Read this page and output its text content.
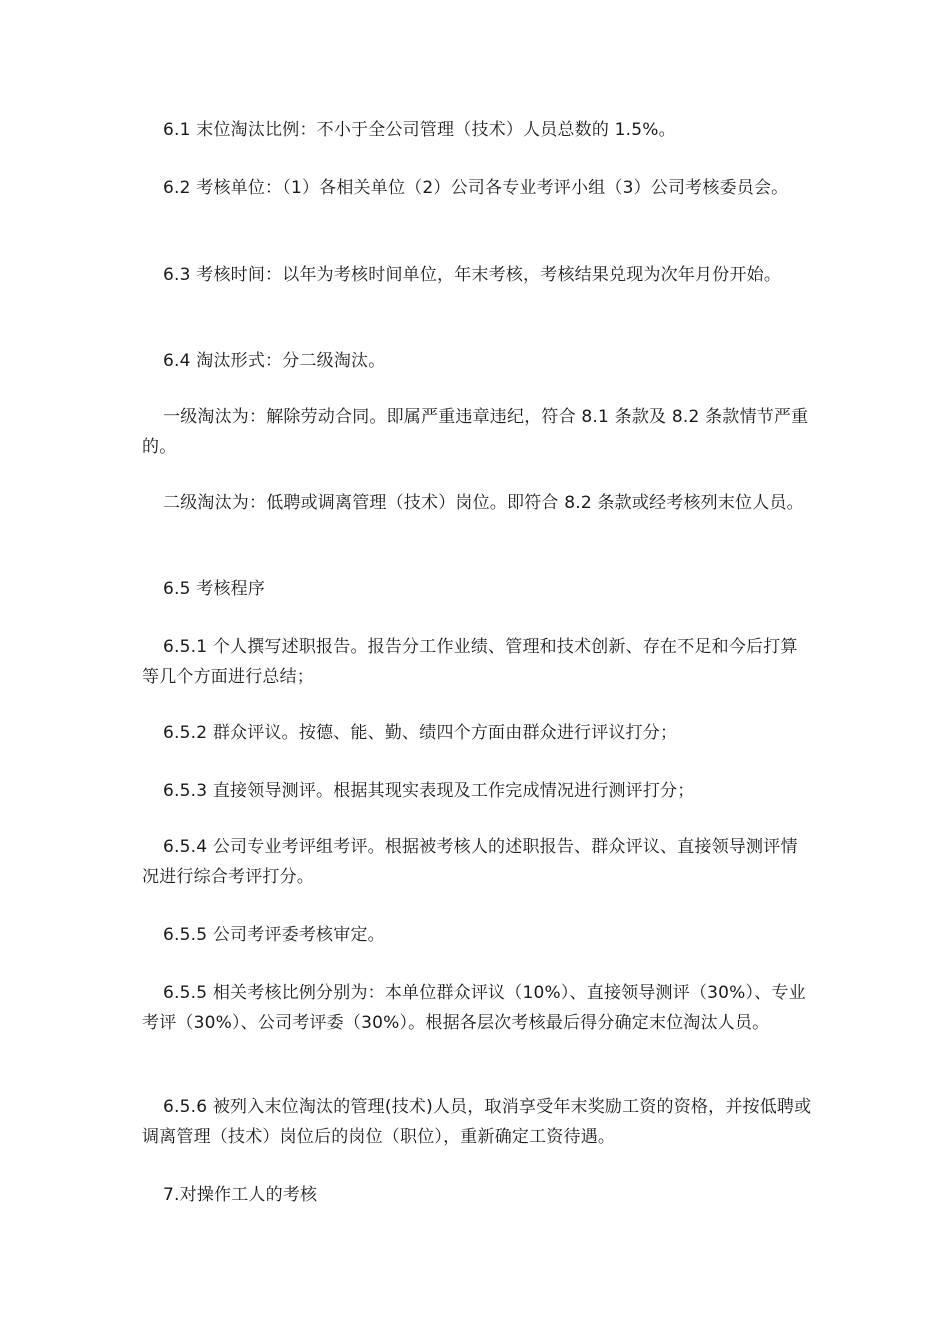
6.1 末位淘汰比例：不小于全公司管理（技术）人员总数的 1.5%。

6.2 考核单位：（1）各相关单位（2）公司各专业考评小组（3）公司考核委员会。

6.3 考核时间：以年为考核时间单位，年末考核，考核结果兑现为次年月份开始。

6.4 淘汰形式：分二级淘汰。

一级淘汰为：解除劳动合同。即属严重违章违纪，符合 8.1 条款及 8.2 条款情节严重的。

二级淘汰为：低聘或调离管理（技术）岗位。即符合 8.2 条款或经考核列末位人员。

6.5 考核程序

6.5.1 个人撰写述职报告。报告分工作业绩、管理和技术创新、存在不足和今后打算等几个方面进行总结；

6.5.2 群众评议。按德、能、勤、绩四个方面由群众进行评议打分；

6.5.3 直接领导测评。根据其现实表现及工作完成情况进行测评打分；

6.5.4 公司专业考评组考评。根据被考核人的述职报告、群众评议、直接领导测评情况进行综合考评打分。

6.5.5 公司考评委考核审定。

6.5.5 相关考核比例分别为：本单位群众评议（10%）、直接领导测评（30%）、专业考评（30%）、公司考评委（30%）。根据各层次考核最后得分确定末位淘汰人员。

6.5.6 被列入末位淘汰的管理(技术)人员，取消享受年末奖励工资的资格，并按低聘或调离管理（技术）岗位后的岗位（职位），重新确定工资待遇。

7.对操作工人的考核
